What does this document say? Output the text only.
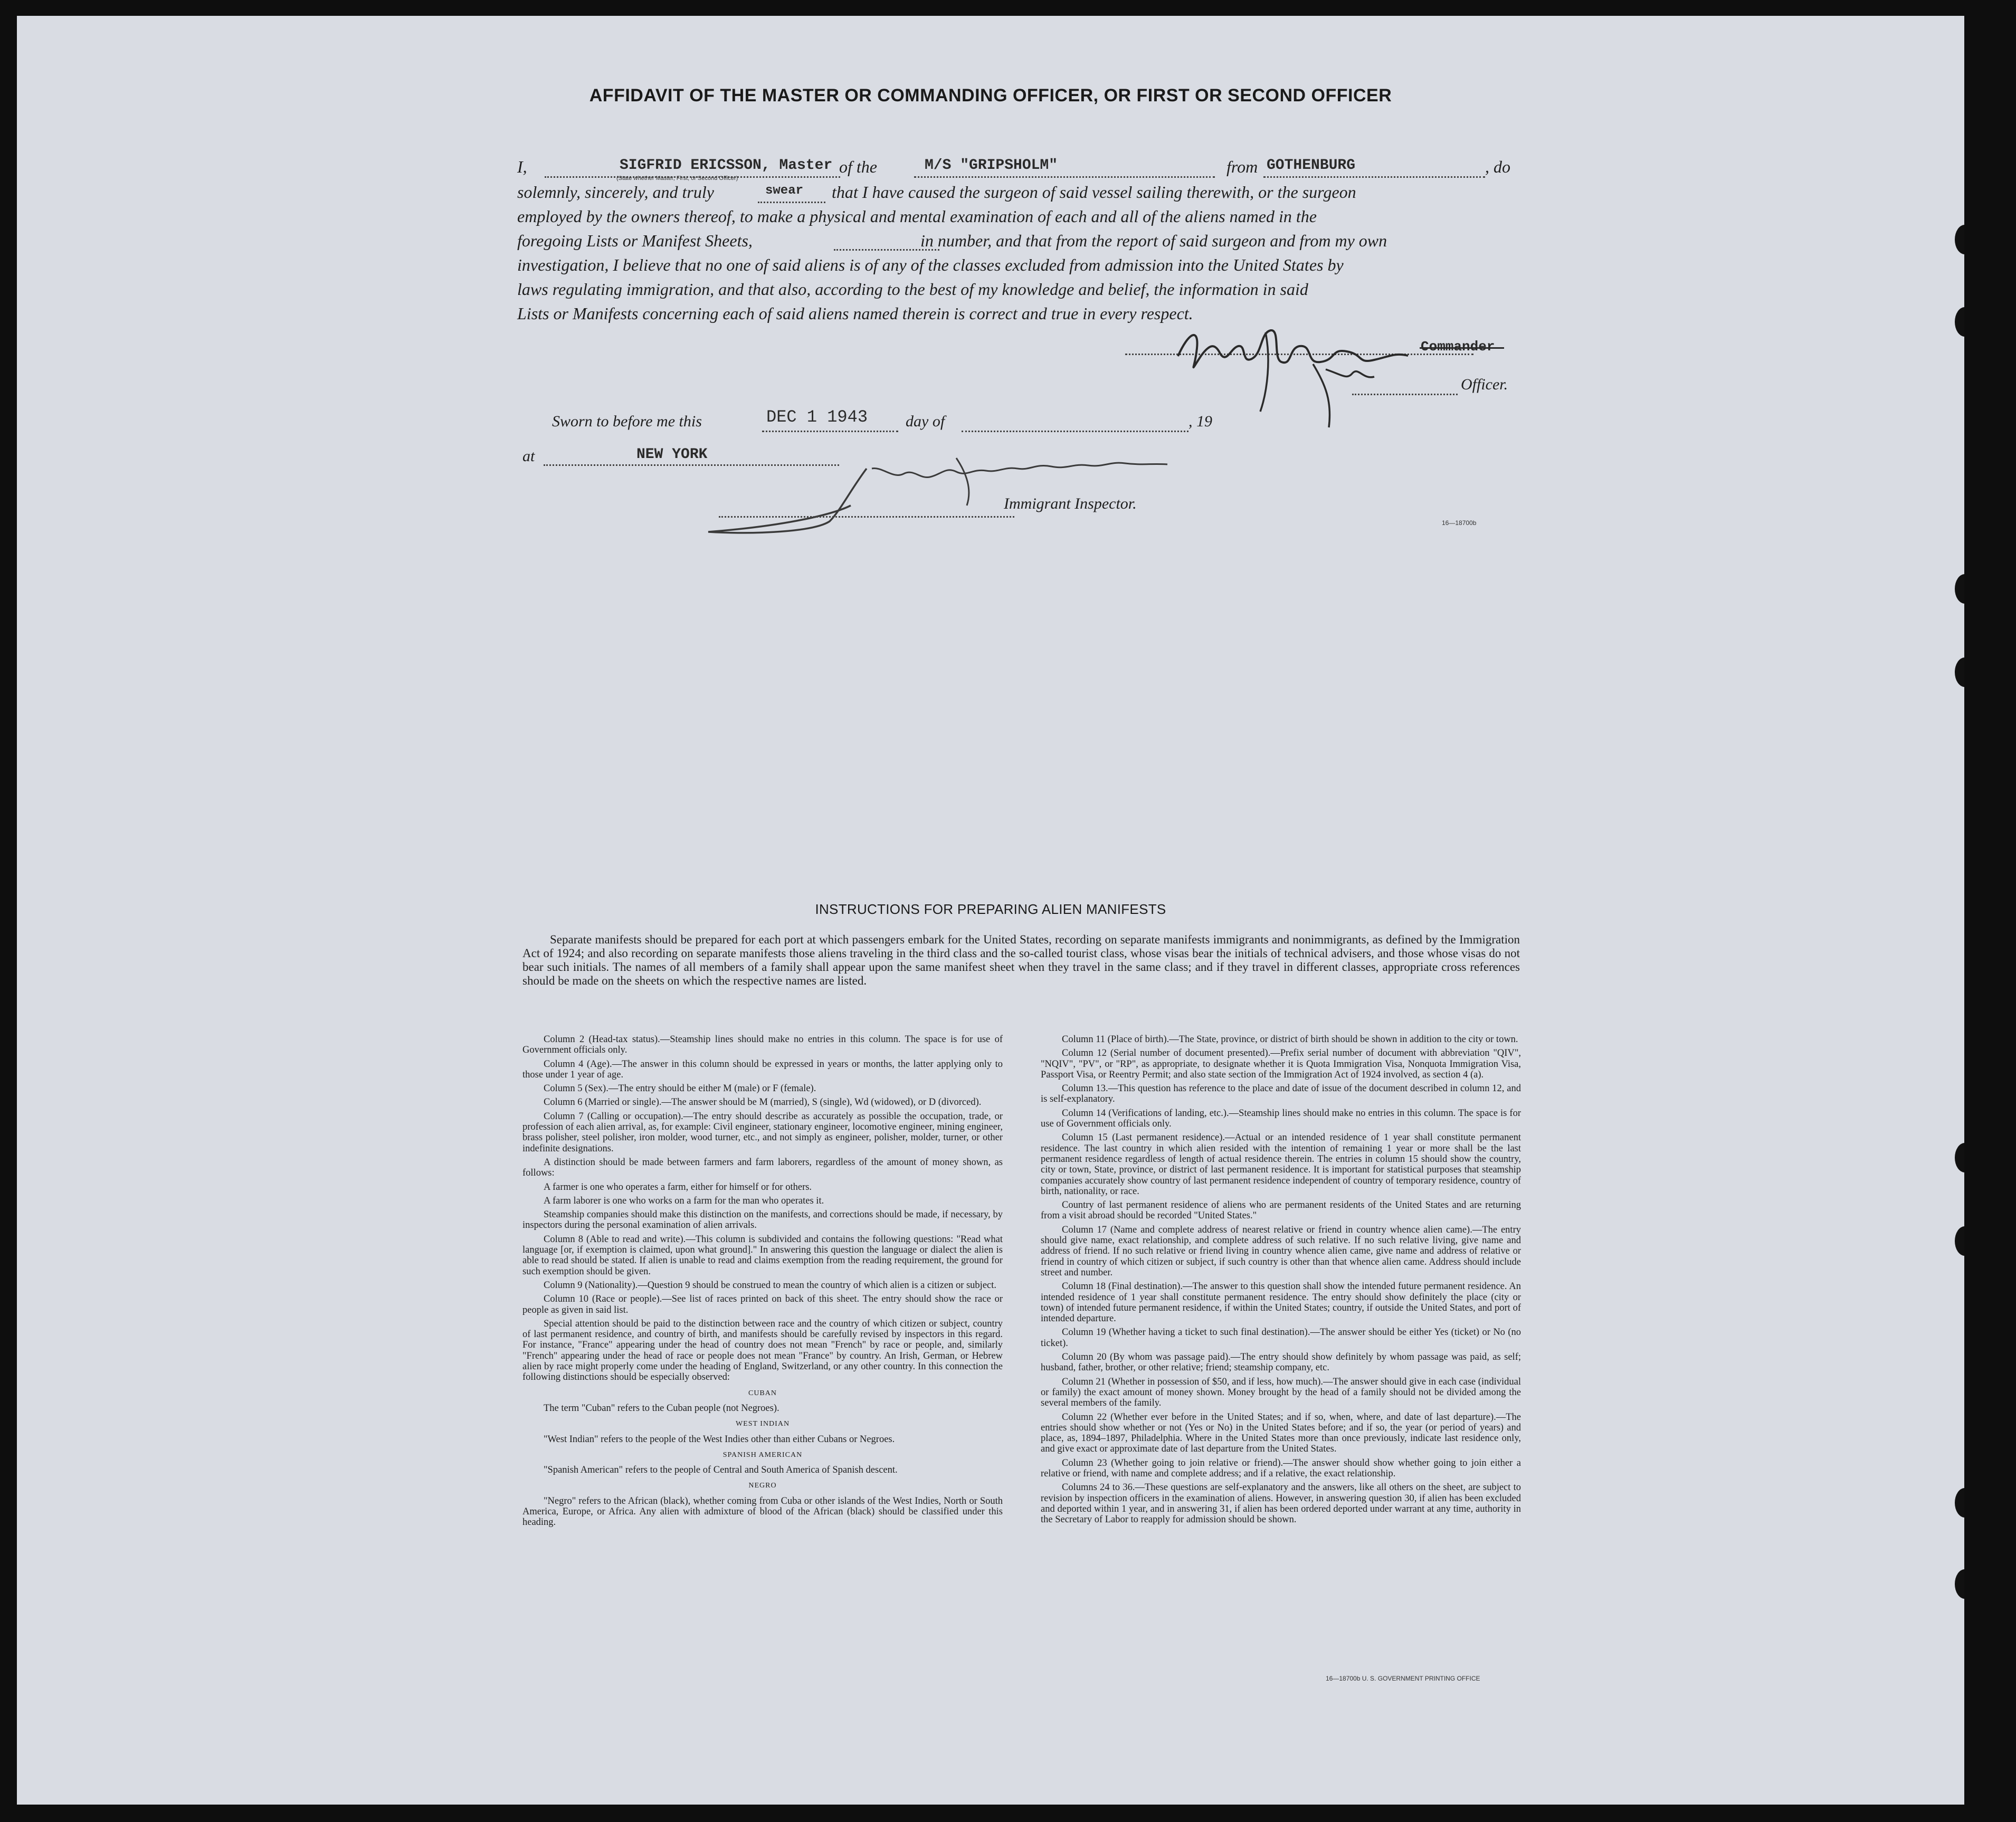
AFFIDAVIT OF THE MASTER OR COMMANDING OFFICER, OR FIRST OR SECOND OFFICER
I,	of the	from	, do
SIGFRID ERICSSON, Master
(State whether Master, First, or Second Officer)
M/S "GRIPSHOLM"	GOTHENBURG
solemnly, sincerely, and truly	that I have caused the surgeon of said vessel sailing therewith, or the surgeon
swear
employed by the owners thereof, to make a physical and mental examination of each and all of the aliens named in the
foregoing Lists or Manifest Sheets,	in number, and that from the report of said surgeon and from my own
investigation, I believe that no one of said aliens is of any of the classes excluded from admission into the United States by
laws regulating immigration, and that also, according to the best of my knowledge and belief, the information in said
Lists or Manifests concerning each of said aliens named therein is correct and true in every respect.
Commander
Officer.
Sworn to before me this	DEC 1 1943 day of	, 19
at	NEW YORK
Immigrant Inspector.
16—18700b
INSTRUCTIONS FOR PREPARING ALIEN MANIFESTS

Separate manifests should be prepared for each port at which passengers embark for the United States, recording on separate manifests immigrants and nonimmigrants, as defined by the Immigration Act of 1924; and also recording on separate manifests those aliens traveling in the third class and the so-called tourist class, whose visas bear the initials of technical advisers, and those whose visas do not bear such initials. The names of all members of a family shall appear upon the same manifest sheet when they travel in the same class; and if they travel in different classes, appropriate cross references should be made on the sheets on which the respective names are listed.

Column 2 (Head-tax status).—Steamship lines should make no entries in this column. The space is for use of Government officials only.

Column 4 (Age).—The answer in this column should be expressed in years or months, the latter applying only to those under 1 year of age.

Column 5 (Sex).—The entry should be either M (male) or F (female).

Column 6 (Married or single).—The answer should be M (married), S (single), Wd (widowed), or D (divorced).

Column 7 (Calling or occupation).—The entry should describe as accurately as possible the occupation, trade, or profession of each alien arrival, as, for example: Civil engineer, stationary engineer, locomotive engineer, mining engineer, brass polisher, steel polisher, iron molder, wood turner, etc., and not simply as engineer, polisher, molder, turner, or other indefinite designations.

A distinction should be made between farmers and farm laborers, regardless of the amount of money shown, as follows:

A farmer is one who operates a farm, either for himself or for others.

A farm laborer is one who works on a farm for the man who operates it.

Steamship companies should make this distinction on the manifests, and corrections should be made, if necessary, by inspectors during the personal examination of alien arrivals.

Column 8 (Able to read and write).—This column is subdivided and contains the following questions: "Read what language [or, if exemption is claimed, upon what ground]." In answering this question the language or dialect the alien is able to read should be stated. If alien is unable to read and claims exemption from the reading requirement, the ground for such exemption should be given.

Column 9 (Nationality).—Question 9 should be construed to mean the country of which alien is a citizen or subject.

Column 10 (Race or people).—See list of races printed on back of this sheet. The entry should show the race or people as given in said list.

Special attention should be paid to the distinction between race and the country of which citizen or subject, country of last permanent residence, and country of birth, and manifests should be carefully revised by inspectors in this regard. For instance, "France" appearing under the head of country does not mean "French" by race or people, and, similarly "French" appearing under the head of race or people does not mean "France" by country. An Irish, German, or Hebrew alien by race might properly come under the heading of England, Switzerland, or any other country. In this connection the following distinctions should be especially observed:

CUBAN

The term "Cuban" refers to the Cuban people (not Negroes).

WEST INDIAN

"West Indian" refers to the people of the West Indies other than either Cubans or Negroes.

SPANISH AMERICAN

"Spanish American" refers to the people of Central and South America of Spanish descent.

NEGRO

"Negro" refers to the African (black), whether coming from Cuba or other islands of the West Indies, North or South America, Europe, or Africa. Any alien with admixture of blood of the African (black) should be classified under this heading.

Column 11 (Place of birth).—The State, province, or district of birth should be shown in addition to the city or town.

Column 12 (Serial number of document presented).—Prefix serial number of document with abbreviation "QIV", "NQIV", "PV", or "RP", as appropriate, to designate whether it is Quota Immigration Visa, Nonquota Immigration Visa, Passport Visa, or Reentry Permit; and also state section of the Immigration Act of 1924 involved, as section 4 (a).

Column 13.—This question has reference to the place and date of issue of the document described in column 12, and is self-explanatory.

Column 14 (Verifications of landing, etc.).—Steamship lines should make no entries in this column. The space is for use of Government officials only.

Column 15 (Last permanent residence).—Actual or an intended residence of 1 year shall constitute permanent residence. The last country in which alien resided with the intention of remaining 1 year or more shall be the last permanent residence regardless of length of actual residence therein. The entries in column 15 should show the country, city or town, State, province, or district of last permanent residence. It is important for statistical purposes that steamship companies accurately show country of last permanent residence independent of country of temporary residence, country of birth, nationality, or race.

Country of last permanent residence of aliens who are permanent residents of the United States and are returning from a visit abroad should be recorded "United States."

Column 17 (Name and complete address of nearest relative or friend in country whence alien came).—The entry should give name, exact relationship, and complete address of such relative. If no such relative living, give name and address of friend. If no such relative or friend living in country whence alien came, give name and address of relative or friend in country of which citizen or subject, if such country is other than that whence alien came. Address should include street and number.

Column 18 (Final destination).—The answer to this question shall show the intended future permanent residence. An intended residence of 1 year shall constitute permanent residence. The entry should show definitely the place (city or town) of intended future permanent residence, if within the United States; country, if outside the United States, and port of intended departure.

Column 19 (Whether having a ticket to such final destination).—The answer should be either Yes (ticket) or No (no ticket).

Column 20 (By whom was passage paid).—The entry should show definitely by whom passage was paid, as self; husband, father, brother, or other relative; friend; steamship company, etc.

Column 21 (Whether in possession of $50, and if less, how much).—The answer should give in each case (individual or family) the exact amount of money shown. Money brought by the head of a family should not be divided among the several members of the family.

Column 22 (Whether ever before in the United States; and if so, when, where, and date of last departure).—The entries should show whether or not (Yes or No) in the United States before; and if so, the year (or period of years) and place, as, 1894–1897, Philadelphia. Where in the United States more than once previously, indicate last residence only, and give exact or approximate date of last departure from the United States.

Column 23 (Whether going to join relative or friend).—The answer should show whether going to join either a relative or friend, with name and complete address; and if a relative, the exact relationship.

Columns 24 to 36.—These questions are self-explanatory and the answers, like all others on the sheet, are subject to revision by inspection officers in the examination of aliens. However, in answering question 30, if alien has been excluded and deported within 1 year, and in answering 31, if alien has been ordered deported under warrant at any time, authority in the Secretary of Labor to reapply for admission should be shown.

16—18700b U. S. GOVERNMENT PRINTING OFFICE
